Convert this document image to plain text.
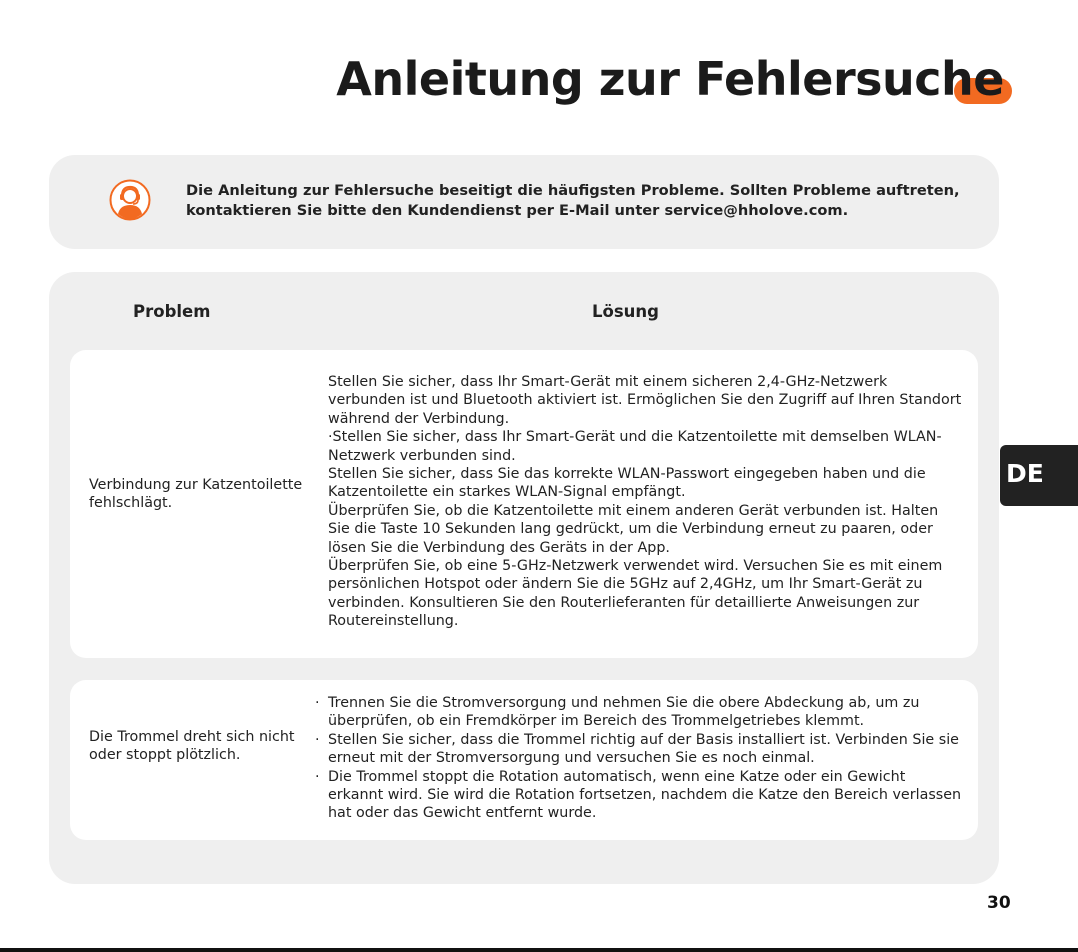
Anleitung zur Fehlersuche
Die Anleitung zur Fehlersuche beseitigt die häufigsten Probleme. Sollten Probleme auftreten, kontaktieren Sie bitte den Kundendienst per E-Mail unter service@hholove.com.
Problem	Lösung
Verbindung zur Katzentoilette fehlschlägt.

Stellen Sie sicher, dass Ihr Smart-Gerät mit einem sicheren 2,4-GHz-Netzwerk verbunden ist und Bluetooth aktiviert ist. Ermöglichen Sie den Zugriff auf Ihren Standort während der Verbindung.

·Stellen Sie sicher, dass Ihr Smart-Gerät und die Katzentoilette mit demselben WLAN-Netzwerk verbunden sind.

Stellen Sie sicher, dass Sie das korrekte WLAN-Passwort eingegeben haben und die Katzentoilette ein starkes WLAN-Signal empfängt.

Überprüfen Sie, ob die Katzentoilette mit einem anderen Gerät verbunden ist. Halten Sie die Taste 10 Sekunden lang gedrückt, um die Verbindung erneut zu paaren, oder lösen Sie die Verbindung des Geräts in der App.

Überprüfen Sie, ob eine 5-GHz-Netzwerk verwendet wird. Versuchen Sie es mit einem persönlichen Hotspot oder ändern Sie die 5GHz auf 2,4GHz, um Ihr Smart-Gerät zu verbinden. Konsultieren Sie den Routerlieferanten für detaillierte Anweisungen zur Routereinstellung.

Die Trommel dreht sich nicht oder stoppt plötzlich.
· Trennen Sie die Stromversorgung und nehmen Sie die obere Abdeckung ab, um zu überprüfen, ob ein Fremdkörper im Bereich des Trommelgetriebes klemmt.
· Stellen Sie sicher, dass die Trommel richtig auf der Basis installiert ist. Verbinden Sie sie erneut mit der Stromversorgung und versuchen Sie es noch einmal.
· Die Trommel stoppt die Rotation automatisch, wenn eine Katze oder ein Gewicht erkannt wird. Sie wird die Rotation fortsetzen, nachdem die Katze den Bereich verlassen hat oder das Gewicht entfernt wurde.
DE
30
